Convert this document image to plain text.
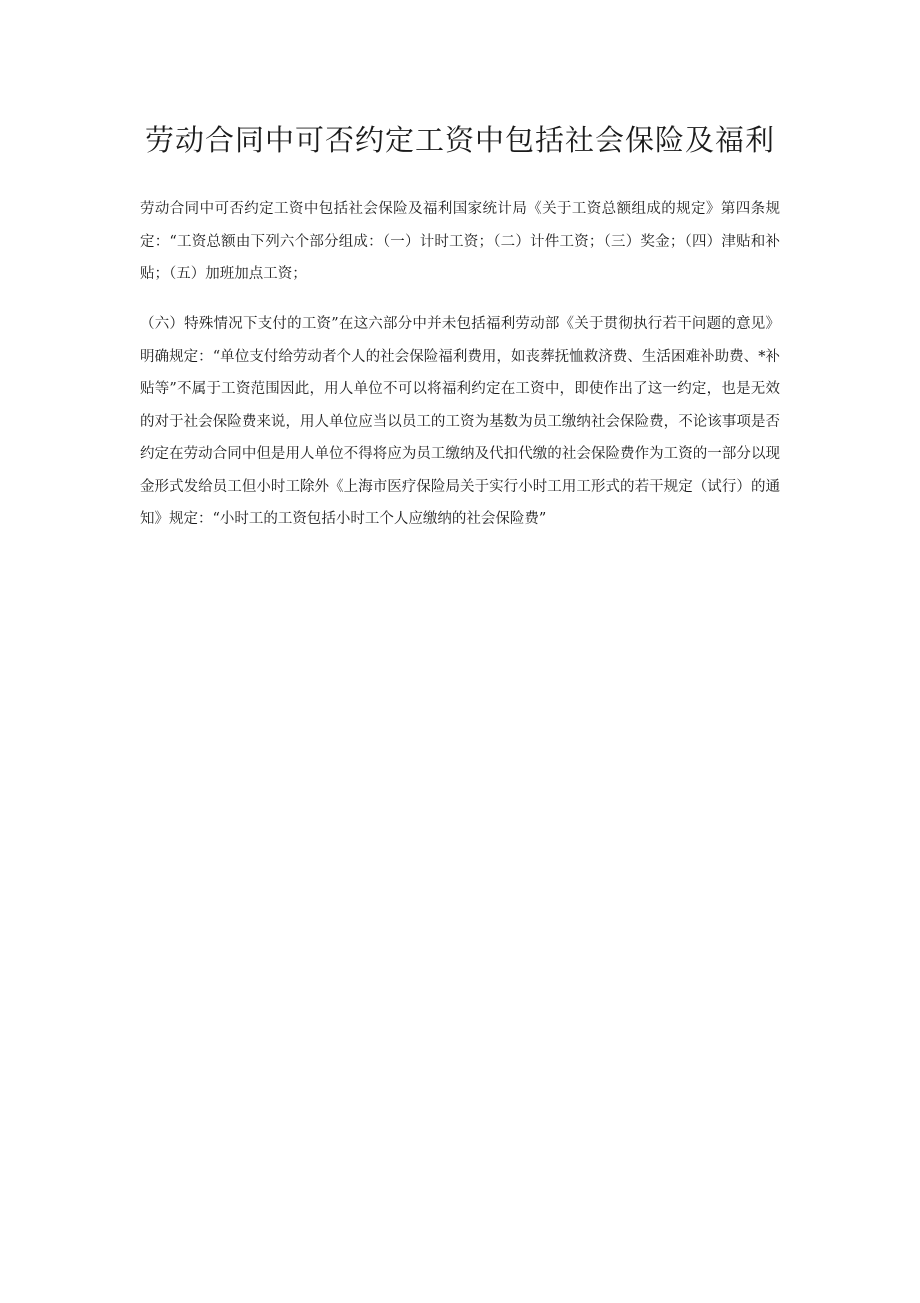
劳动合同中可否约定工资中包括社会保险及福利

劳动合同中可否约定工资中包括社会保险及福利国家统计局《关于工资总额组成的规定》第四条规定：“工资总额由下列六个部分组成：（一）计时工资；（二）计件工资；（三）奖金；（四）津贴和补贴；（五）加班加点工资；

（六）特殊情况下支付的工资”在这六部分中并未包括福利劳动部《关于贯彻执行若干问题的意见》明确规定：“单位支付给劳动者个人的社会保险福利费用，如丧葬抚恤救济费、生活困难补助费、*补贴等”不属于工资范围因此，用人单位不可以将福利约定在工资中，即使作出了这一约定，也是无效的对于社会保险费来说，用人单位应当以员工的工资为基数为员工缴纳社会保险费，不论该事项是否约定在劳动合同中但是用人单位不得将应为员工缴纳及代扣代缴的社会保险费作为工资的一部分以现金形式发给员工但小时工除外《上海市医疗保险局关于实行小时工用工形式的若干规定（试行）的通知》规定：“小时工的工资包括小时工个人应缴纳的社会保险费”
